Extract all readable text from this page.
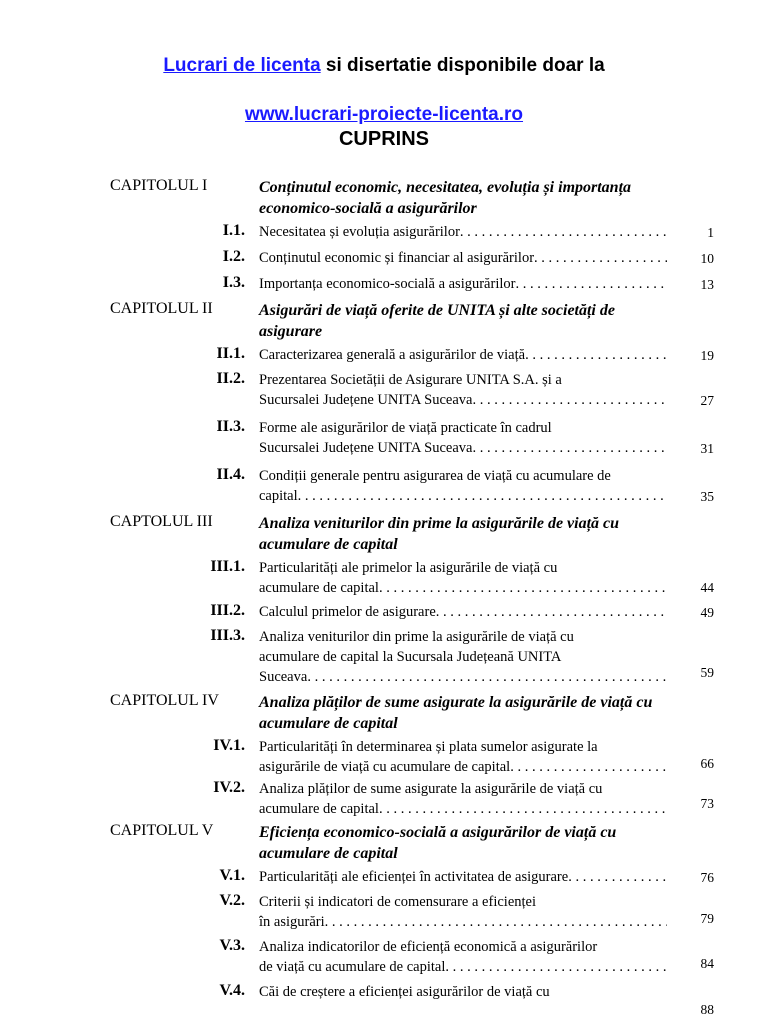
Lucrari de licenta si disertatie disponibile doar la
www.lucrari-proiecte-licenta.ro
CUPRINS
CAPITOLUL I	Conținutul economic, necesitatea, evoluția și importanța economico-socială a asigurărilor
I.1. Necesitatea și evoluția asigurărilor . . .	1
I.2. Conținutul economic și financiar al asigurărilor . . .	10
I.3. Importanța economico-socială a asigurărilor . . .	13
CAPITOLUL II	Asigurări de viață oferite de UNITA și alte societăți de asigurare
II.1. Caracterizarea generală a asigurărilor de viață . . .	19
II.2. Prezentarea Societății de Asigurare UNITA S.A. și a
Sucursalei Județene UNITA Suceava . . .	27
II.3. Forme ale asigurărilor de viață practicate în cadrul
Sucursalei Județene UNITA Suceava . . .	31
II.4. Condiții generale pentru asigurarea de viață cu acumulare de
capital . . .	35
CAPTOLUL III	Analiza veniturilor din prime la asigurările de viață cu acumulare de capital
III.1. Particularități ale primelor la asigurările de viață cu
acumulare de capital . . .	44
III.2. Calculul primelor de asigurare . . .	49
III.3. Analiza veniturilor din prime la asigurările de viață cu
acumulare de capital la Sucursala Județeană UNITA
Suceava . . .	59
CAPITOLUL IV	Analiza plăților de sume asigurate la asigurările de viață cu acumulare de capital
IV.1. Particularități în determinarea și plata sumelor asigurate la
asigurările de viață cu acumulare de capital . . .	66
IV.2. Analiza plăților de sume asigurate la asigurările de viață cu
acumulare de capital . . .	73
CAPITOLUL V	Eficiența economico-socială a asigurărilor de viață cu acumulare de capital
V.1. Particularități ale eficienței în activitatea de asigurare . . .	76
V.2. Criterii și indicatori de comensurare a eficienței
în asigurări . . .	79
V.3. Analiza indicatorilor de eficiență economică a asigurărilor
de viață cu acumulare de capital . . .	84
V.4. Căi de creștere a eficienței asigurărilor de viață cu
88
